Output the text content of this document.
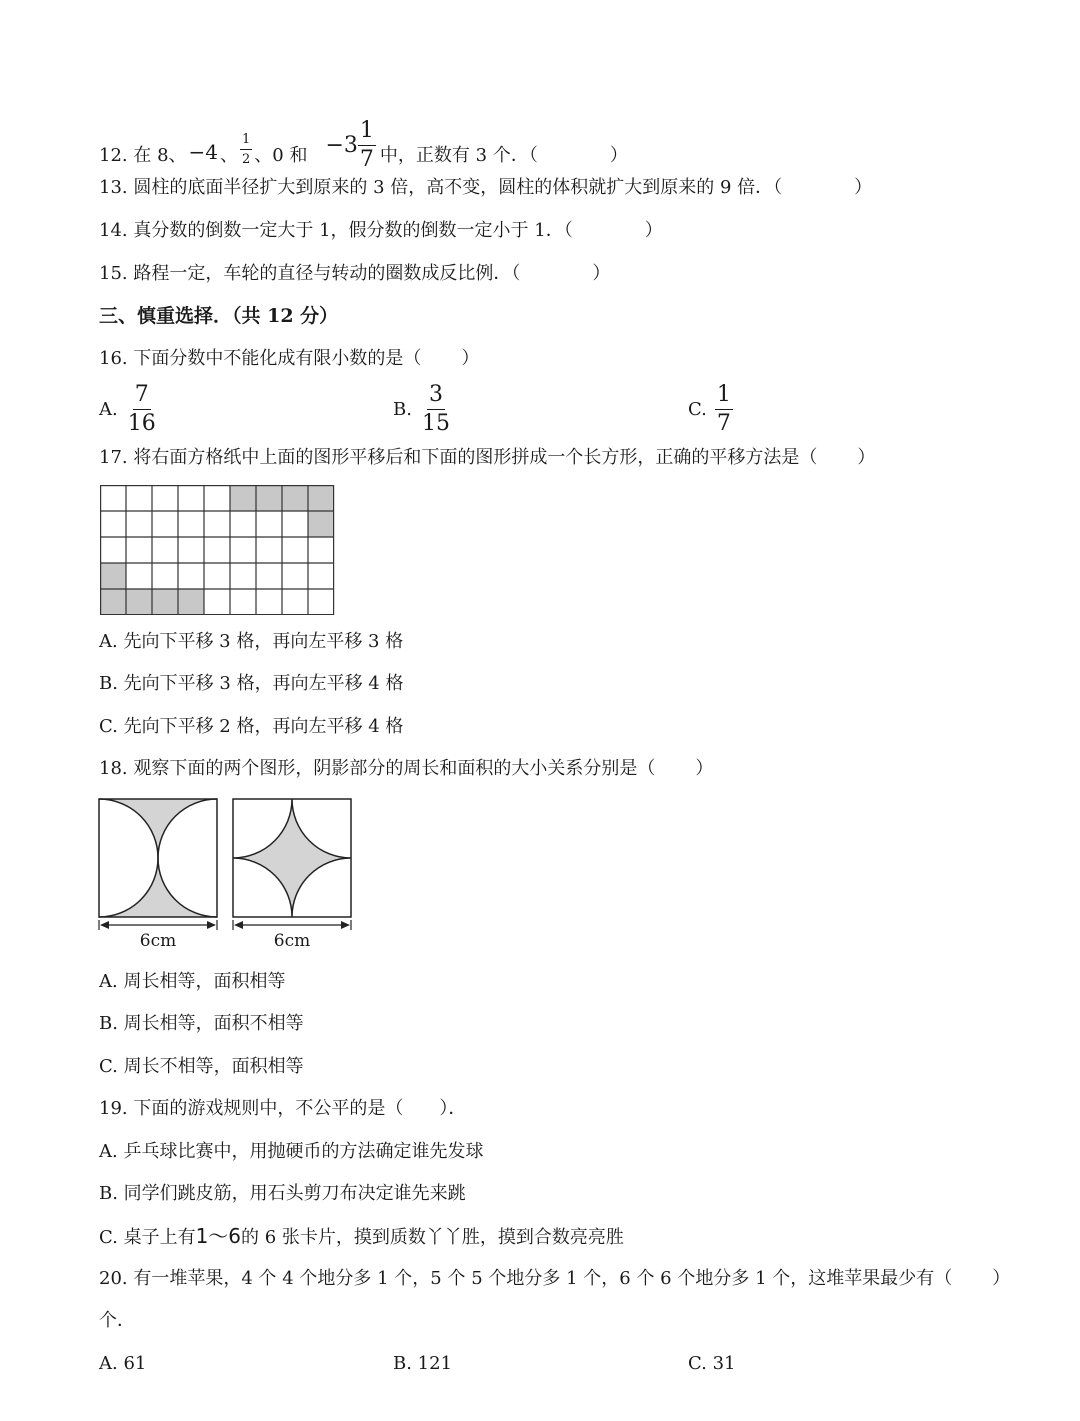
12. 在 8、 −4 、 $\frac{1}{2}$ 、0 和 $-3 \frac{1}{7}$ 中，正数有 3 个．（	）
13. 圆柱的底面半径扩大到原来的 3 倍，高不变，圆柱的体积就扩大到原来的 9 倍．（	）
14. 真分数的倒数一定大于 1，假分数的倒数一定小于 1．（	）
15. 路程一定，车轮的直径与转动的圈数成反比例．（	）
三、慎重选择．（共 12 分）
16. 下面分数中不能化成有限小数的是（ ）
A. $\frac{7}{16}$	B. $\frac{3}{15}$	C. $\frac{1}{7}$
17. 将右面方格纸中上面的图形平移后和下面的图形拼成一个长方形，正确的平移方法是（ ）
A. 先向下平移 3 格，再向左平移 3 格
B. 先向下平移 3 格，再向左平移 4 格
C. 先向下平移 2 格，再向左平移 4 格
18. 观察下面的两个图形，阴影部分的周长和面积的大小关系分别是（ ）
6cm	6cm
A. 周长相等，面积相等
B. 周长相等，面积不相等
C. 周长不相等，面积相等
19. 下面的游戏规则中，不公平的是（ ）．
A. 乒乓球比赛中，用抛硬币的方法确定谁先发球
B. 同学们跳皮筋，用石头剪刀布决定谁先来跳
C. 桌子上有1～6的 6 张卡片，摸到质数丫丫胜，摸到合数亮亮胜
20. 有一堆苹果，4 个 4 个地分多 1 个，5 个 5 个地分多 1 个，6 个 6 个地分多 1 个，这堆苹果最少有（ ）
个．
A. 61	B. 121	C. 31
